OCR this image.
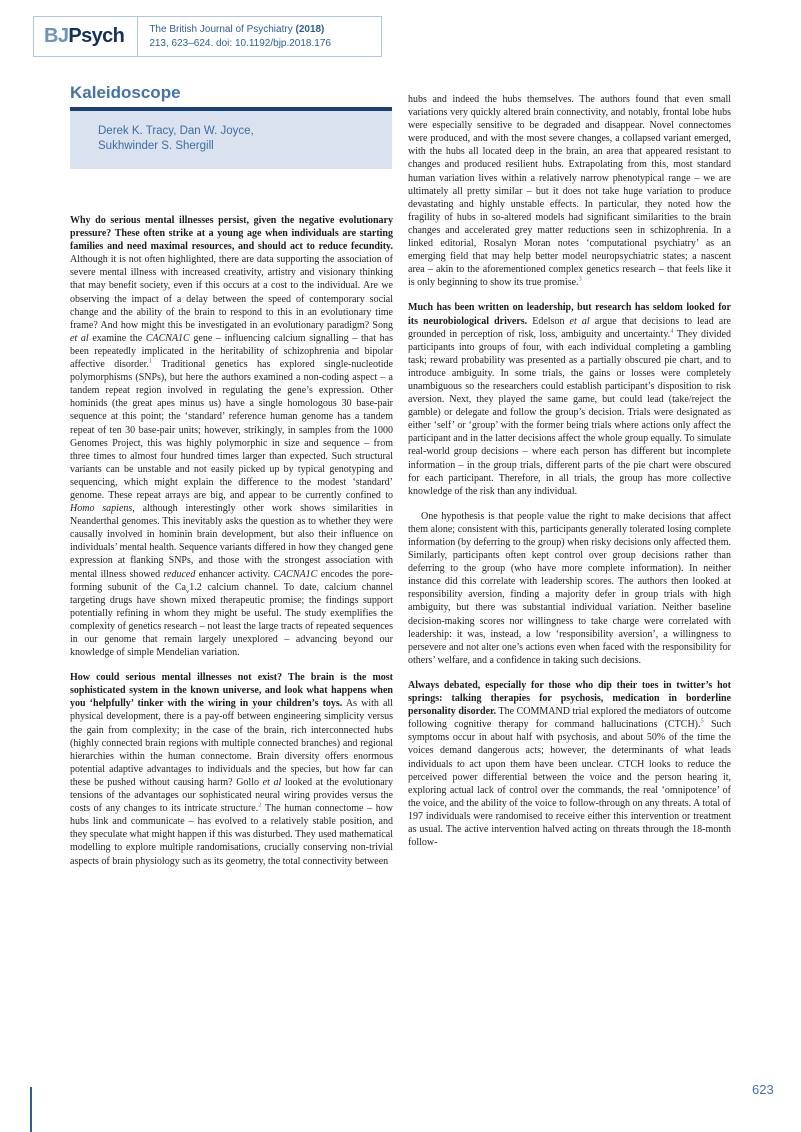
BJ Psych	The British Journal of Psychiatry (2018)
213, 623–624. doi: 10.1192/bjp.2018.176
Kaleidoscope
Derek K. Tracy, Dan W. Joyce,
Sukhwinder S. Shergill

Why do serious mental illnesses persist, given the negative evolutionary pressure? These often strike at a young age when individuals are starting families and need maximal resources, and should act to reduce fecundity. Although it is not often highlighted, there are data supporting the association of severe mental illness with increased creativity, artistry and visionary thinking that may benefit society, even if this occurs at a cost to the individual. Are we observing the impact of a delay between the speed of contemporary social change and the ability of the brain to respond to this in an evolutionary time frame? And how might this be investigated in an evolutionary paradigm? Song et al examine the CACNA1C gene – influencing calcium signalling – that has been repeatedly implicated in the heritability of schizophrenia and bipolar affective disorder.$^1$ Traditional genetics has explored single-nucleotide polymorphisms (SNPs), but here the authors examined a non-coding aspect – a tandem repeat region involved in regulating the gene’s expression. Other hominids (the great apes minus us) have a single homologous 30 base-pair sequence at this point; the ‘standard’ reference human genome has a tandem repeat of ten 30 base-pair units; however, strikingly, in samples from the 1000 Genomes Project, this was highly polymorphic in size and sequence – from three times to almost four hundred times larger than expected. Such structural variants can be unstable and not easily picked up by typical genotyping and sequencing, which might explain the difference to the modest ‘standard’ genome. These repeat arrays are big, and appear to be currently confined to Homo sapiens, although interestingly other work shows similarities in Neanderthal genomes. This inevitably asks the question as to whether they were causally involved in hominin brain development, but also their influence on individuals’ mental health. Sequence variants differed in how they changed gene expression at flanking SNPs, and those with the strongest association with mental illness showed reduced enhancer activity. CACNA1C encodes the pore-forming subunit of the $Ca_v1.2$ calcium channel. To date, calcium channel targeting drugs have shown mixed therapeutic promise; the findings support potentially refining in whom they might be useful. The study exemplifies the complexity of genetics research – not least the large tracts of repeated sequences in our genome that remain largely unexplored – advancing beyond our knowledge of simple Mendelian variation.

How could serious mental illnesses not exist? The brain is the most sophisticated system in the known universe, and look what happens when you ‘helpfully’ tinker with the wiring in your children’s toys. As with all physical development, there is a pay-off between engineering simplicity versus the gain from complexity; in the case of the brain, rich interconnected hubs (highly connected brain regions with multiple connected branches) and regional hierarchies within the human connectome. Brain diversity offers enormous potential adaptive advantages to individuals and the species, but how far can these be pushed without causing harm? Gollo et al looked at the evolutionary tensions of the advantages our sophisticated neural wiring provides versus the costs of any changes to its intricate structure.$^2$ The human connectome – how hubs link and communicate – has evolved to a relatively stable position, and they speculate what might happen if this was disturbed. They used mathematical modelling to explore multiple randomisations, crucially conserving non-trivial aspects of brain physiology such as its geometry, the total connectivity between

hubs and indeed the hubs themselves. The authors found that even small variations very quickly altered brain connectivity, and notably, frontal lobe hubs were especially sensitive to be degraded and disappear. Novel connectomes were produced, and with the most severe changes, a collapsed variant emerged, with the hubs all located deep in the brain, an area that appeared resistant to changes and produced resilient hubs. Extrapolating from this, most standard human variation lives within a relatively narrow phenotypical range – we are ultimately all pretty similar – but it does not take huge variation to produce devastating and highly unstable effects. In particular, they noted how the fragility of hubs in so-altered models had significant similarities to the brain changes and accelerated grey matter reductions seen in schizophrenia. In a linked editorial, Rosalyn Moran notes ‘computational psychiatry’ as an emerging field that may help better model neuropsychiatric states; a nascent area – akin to the aforementioned complex genetics research – that feels like it is only beginning to show its true promise.$^3$

Much has been written on leadership, but research has seldom looked for its neurobiological drivers. Edelson et al argue that decisions to lead are grounded in perception of risk, loss, ambiguity and uncertainty.$^4$ They divided participants into groups of four, with each individual completing a gambling task; reward probability was presented as a partially obscured pie chart, and to introduce ambiguity. In some trials, the gains or losses were completely unambiguous so the researchers could establish participant’s disposition to risk aversion. Next, they played the same game, but could lead (take/reject the gamble) or delegate and follow the group’s decision. Trials were designated as either ‘self’ or ‘group’ with the former being trials where actions only affect the participant and in the latter decisions affect the whole group equally. To simulate real-world group decisions – where each person has different but incomplete information – in the group trials, different parts of the pie chart were obscured for each participant. Therefore, in all trials, the group has more collective knowledge of the risk than any individual.

One hypothesis is that people value the right to make decisions that affect them alone; consistent with this, participants generally tolerated losing complete information (by deferring to the group) when risky decisions only affected them. Similarly, participants often kept control over group decisions rather than deferring to the group (who have more complete information). In neither instance did this correlate with leadership scores. The authors then looked at responsibility aversion, finding a majority defer in group trials with high ambiguity, but there was substantial individual variation. Neither baseline decision-making scores nor willingness to take charge were correlated with leadership: it was, instead, a low ‘responsibility aversion’, a willingness to persevere and not alter one’s actions even when faced with the responsibility for others’ welfare, and a confidence in taking such decisions.

Always debated, especially for those who dip their toes in twitter’s hot springs: talking therapies for psychosis, medication in borderline personality disorder. The COMMAND trial explored the mediators of outcome following cognitive therapy for command hallucinations (CTCH).$^5$ Such symptoms occur in about half with psychosis, and about 50% of the time the voices demand dangerous acts; however, the determinants of what leads individuals to act upon them have been unclear. CTCH looks to reduce the perceived power differential between the voice and the person hearing it, exploring actual lack of control over the commands, the real ‘omnipotence’ of the voice, and the ability of the voice to follow-through on any threats. A total of 197 individuals were randomised to receive either this intervention or treatment as usual. The active intervention halved acting on threats through the 18-month follow-

623
